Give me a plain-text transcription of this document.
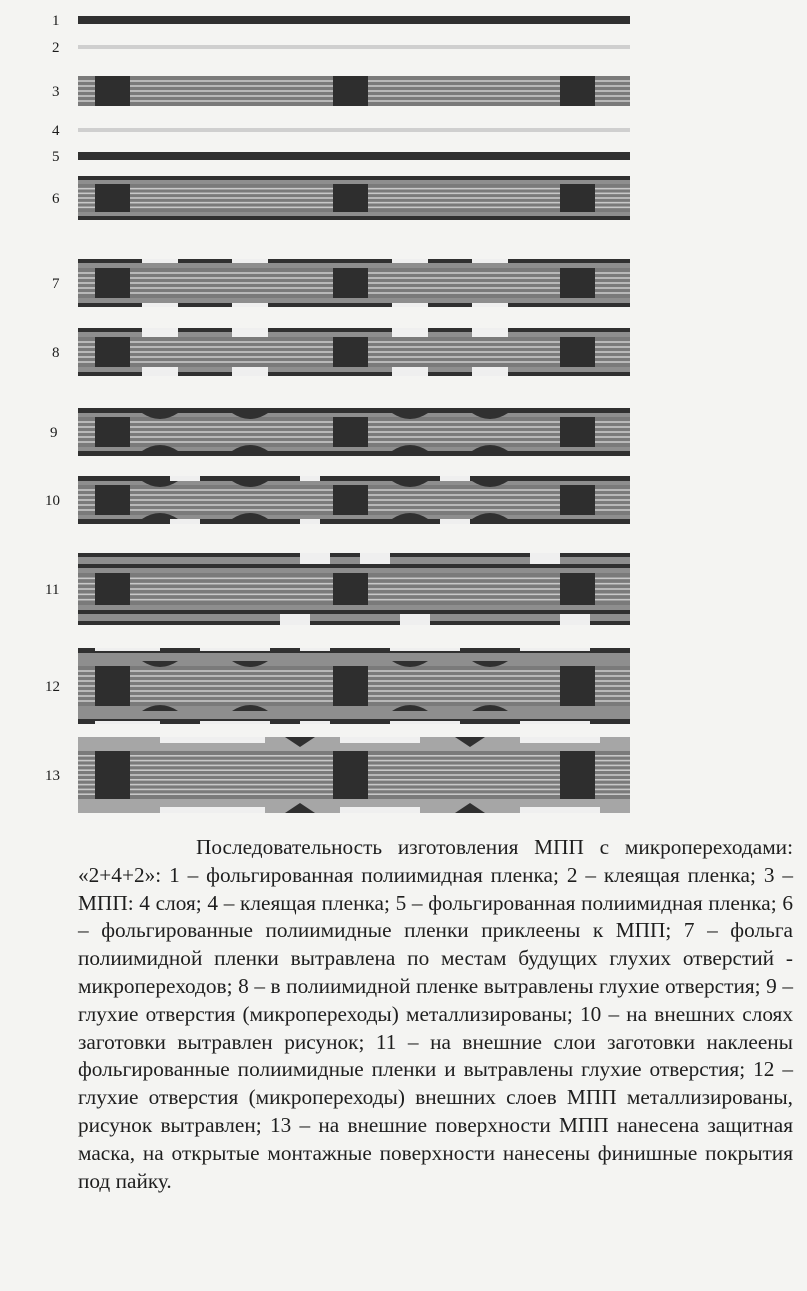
1
2
3
4
5
6
7
8
9
10
11
12
13

Последовательность изготовления МПП с микропереходами: «2+4+2»: 1 – фольгированная полиимидная пленка; 2 – клеящая пленка; 3 – МПП: 4 слоя; 4 – клеящая пленка; 5 – фольгированная полиимидная пленка; 6 – фольгированные полиимидные пленки приклеены к МПП; 7 – фольга полиимидной пленки вытравлена по местам будущих глухих отверстий - микропереходов; 8 – в полиимидной пленке вытравлены глухие отверстия; 9 – глухие отверстия (микропереходы) металлизированы; 10 – на внешних слоях заготовки вытравлен рисунок; 11 – на внешние слои заготовки наклеены фольгированные полиимидные пленки и вытравлены глухие отверстия; 12 – глухие отверстия (микропереходы) внешних слоев МПП металлизированы, рисунок вытравлен; 13 – на внешние поверхности МПП нанесена защитная маска, на открытые монтажные поверхности нанесены финишные покрытия под пайку.
